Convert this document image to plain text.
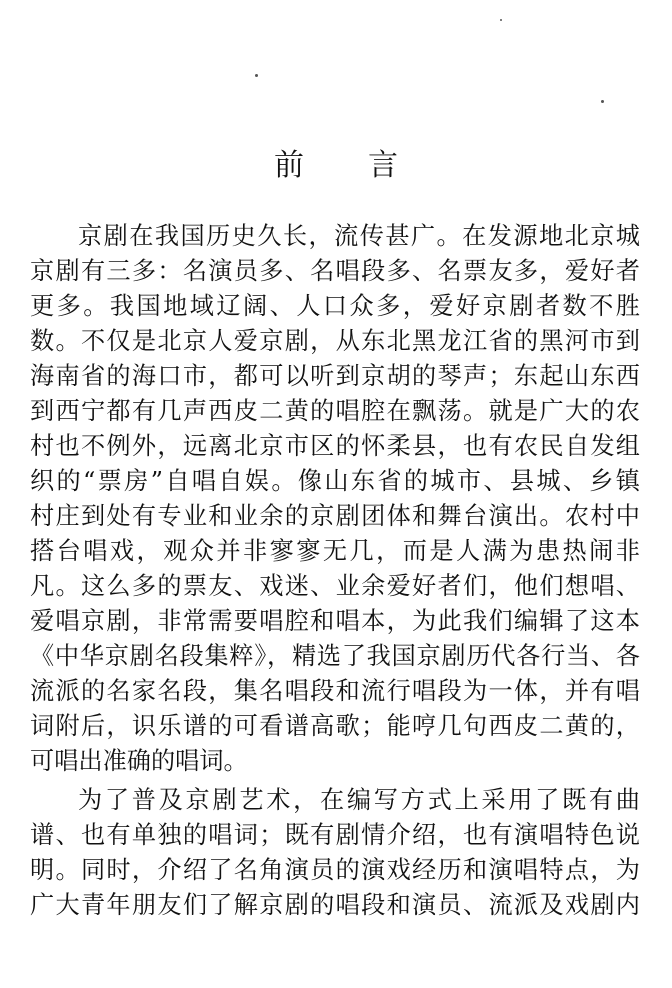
前 言
京剧在我国历史久长，流传甚广。在发源地北京城
京剧有三多：名演员多、名唱段多、名票友多，爱好者
更多。我国地域辽阔、人口众多，爱好京剧者数不胜
数。不仅是北京人爱京剧，从东北黑龙江省的黑河市到
海南省的海口市，都可以听到京胡的琴声；东起山东西
到西宁都有几声西皮二黄的唱腔在飘荡。就是广大的农
村也不例外，远离北京市区的怀柔县，也有农民自发组
织的“票房”自唱自娱。像山东省的城市、县城、乡镇
村庄到处有专业和业余的京剧团体和舞台演出。农村中
搭台唱戏，观众并非寥寥无几，而是人满为患热闹非
凡。这么多的票友、戏迷、业余爱好者们，他们想唱、
爱唱京剧，非常需要唱腔和唱本，为此我们编辑了这本
《中华京剧名段集粹》，精选了我国京剧历代各行当、各
流派的名家名段，集名唱段和流行唱段为一体，并有唱
词附后，识乐谱的可看谱高歌；能哼几句西皮二黄的，
可唱出准确的唱词。
为了普及京剧艺术，在编写方式上采用了既有曲
谱、也有单独的唱词；既有剧情介绍，也有演唱特色说
明。同时，介绍了名角演员的演戏经历和演唱特点，为
广大青年朋友们了解京剧的唱段和演员、流派及戏剧内
